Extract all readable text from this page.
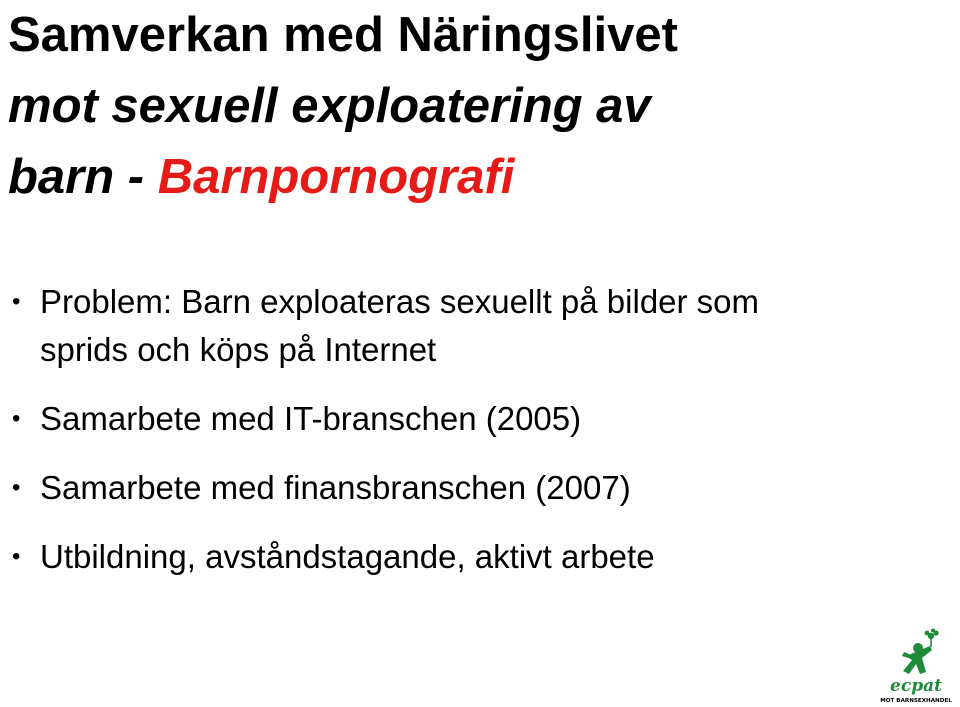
Samverkan med Näringslivet
mot sexuell exploatering av
barn - Barnpornografi
• Problem: Barn exploateras sexuellt på bilder som
sprids och köps på Internet
• Samarbete med IT-branschen (2005)
• Samarbete med finansbranschen (2007)
• Utbildning, avståndstagande, aktivt arbete
ecpat
MOT BARNSEXHANDEL
